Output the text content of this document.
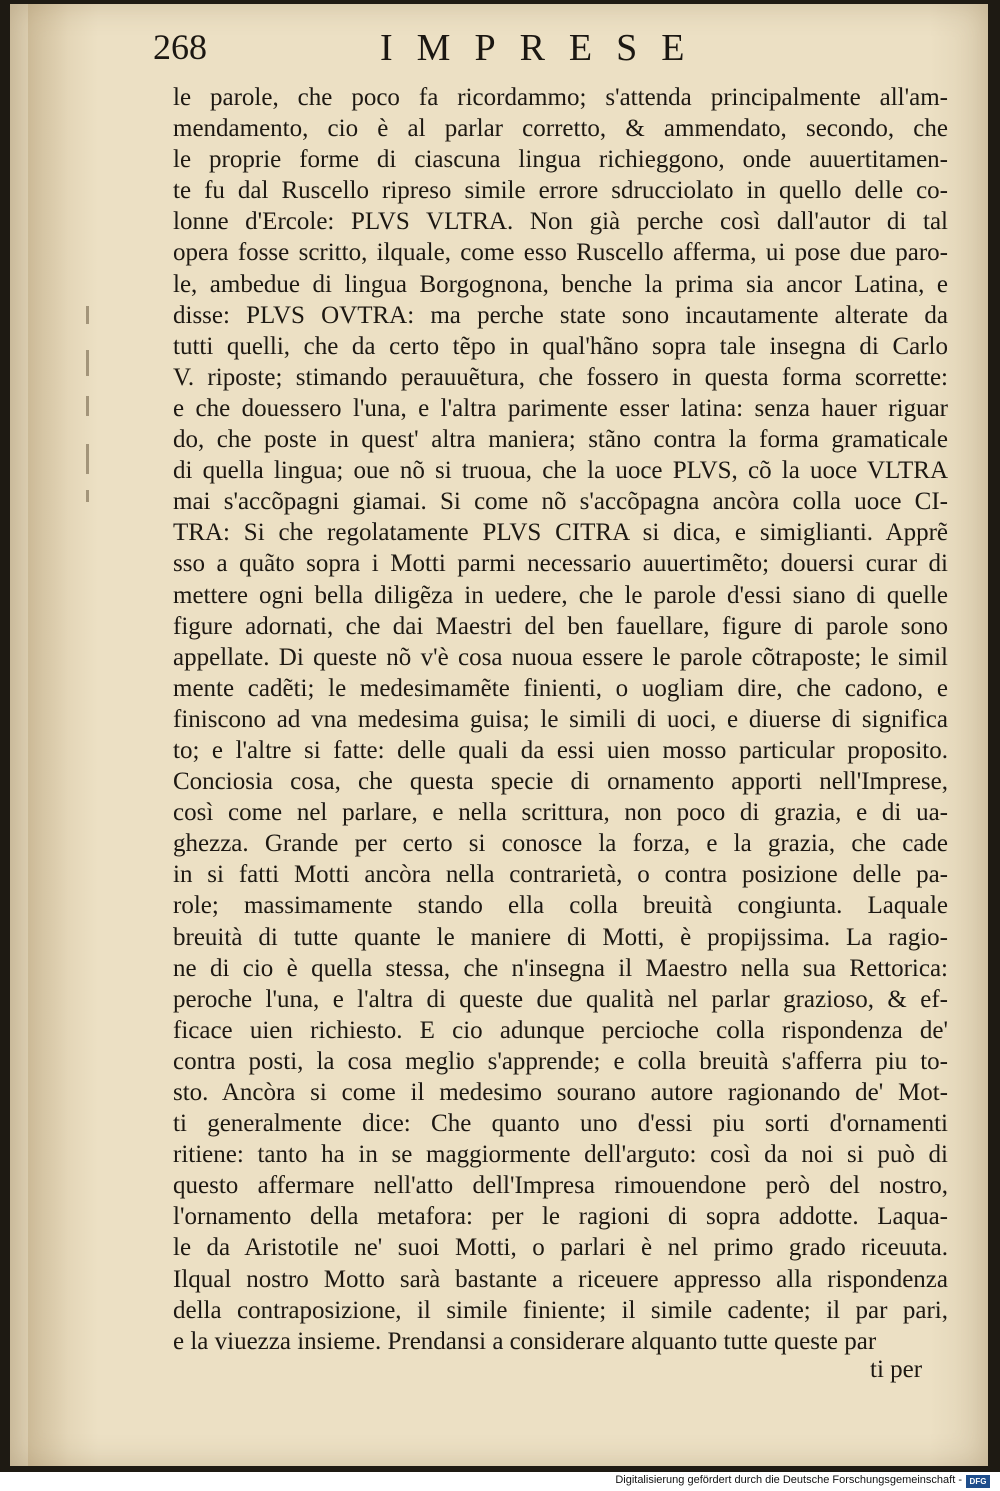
268	IMPRESE
le parole, che poco fa ricordammo; s'attenda principalmente all'am-
mendamento, cio è al parlar corretto, & ammendato, secondo, che
le proprie forme di ciascuna lingua richieggono, onde auuertitamen-
te fu dal Ruscello ripreso simile errore sdrucciolato in quello delle co-
lonne d'Ercole: PLVS VLTRA. Non già perche così dall'autor di tal
opera fosse scritto, ilquale, come esso Ruscello afferma, ui pose due paro-
le, ambedue di lingua Borgognona, benche la prima sia ancor Latina, e
disse: PLVS OVTRA: ma perche state sono incautamente alterate da
tutti quelli, che da certo tẽpo in qual'hãno sopra tale insegna di Carlo
V. riposte; stimando perauuẽtura, che fossero in questa forma scorrette:
e che douessero l'una, e l'altra parimente esser latina: senza hauer riguar
do, che poste in quest' altra maniera; stãno contra la forma gramaticale
di quella lingua; oue nõ si truoua, che la uoce PLVS, cõ la uoce VLTRA
mai s'accõpagni giamai. Si come nõ s'accõpagna ancòra colla uoce CI-
TRA: Si che regolatamente PLVS CITRA si dica, e simiglianti. Apprẽ
sso a quãto sopra i Motti parmi necessario auuertimẽto; douersi curar di
mettere ogni bella diligẽza in uedere, che le parole d'essi siano di quelle
figure adornati, che dai Maestri del ben fauellare, figure di parole sono
appellate. Di queste nõ v'è cosa nuoua essere le parole cõtraposte; le simil
mente cadẽti; le medesimamẽte finienti, o uogliam dire, che cadono, e
finiscono ad vna medesima guisa; le simili di uoci, e diuerse di significa
to; e l'altre si fatte: delle quali da essi uien mosso particular proposito.
Conciosia cosa, che questa specie di ornamento apporti nell'Imprese,
così come nel parlare, e nella scrittura, non poco di grazia, e di ua-
ghezza. Grande per certo si conosce la forza, e la grazia, che cade
in si fatti Motti ancòra nella contrarietà, o contra posizione delle pa-
role; massimamente stando ella colla breuità congiunta. Laquale
breuità di tutte quante le maniere di Motti, è propijssima. La ragio-
ne di cio è quella stessa, che n'insegna il Maestro nella sua Rettorica:
peroche l'una, e l'altra di queste due qualità nel parlar grazioso, & ef-
ficace uien richiesto. E cio adunque percioche colla rispondenza de'
contra posti, la cosa meglio s'apprende; e colla breuità s'afferra piu to-
sto. Ancòra si come il medesimo sourano autore ragionando de' Mot-
ti generalmente dice: Che quanto uno d'essi piu sorti d'ornamenti
ritiene: tanto ha in se maggiormente dell'arguto: così da noi si può di
questo affermare nell'atto dell'Impresa rimouendone però del nostro,
l'ornamento della metafora: per le ragioni di sopra addotte. Laqua-
le da Aristotile ne' suoi Motti, o parlari è nel primo grado riceuuta.
Ilqual nostro Motto sarà bastante a riceuere appresso alla rispondenza
della contraposizione, il simile finiente; il simile cadente; il par pari,
e la viuezza insieme. Prendansi a considerare alquanto tutte queste par
ti per
Digitalisierung gefördert durch die Deutsche Forschungsgemeinschaft - DFG
